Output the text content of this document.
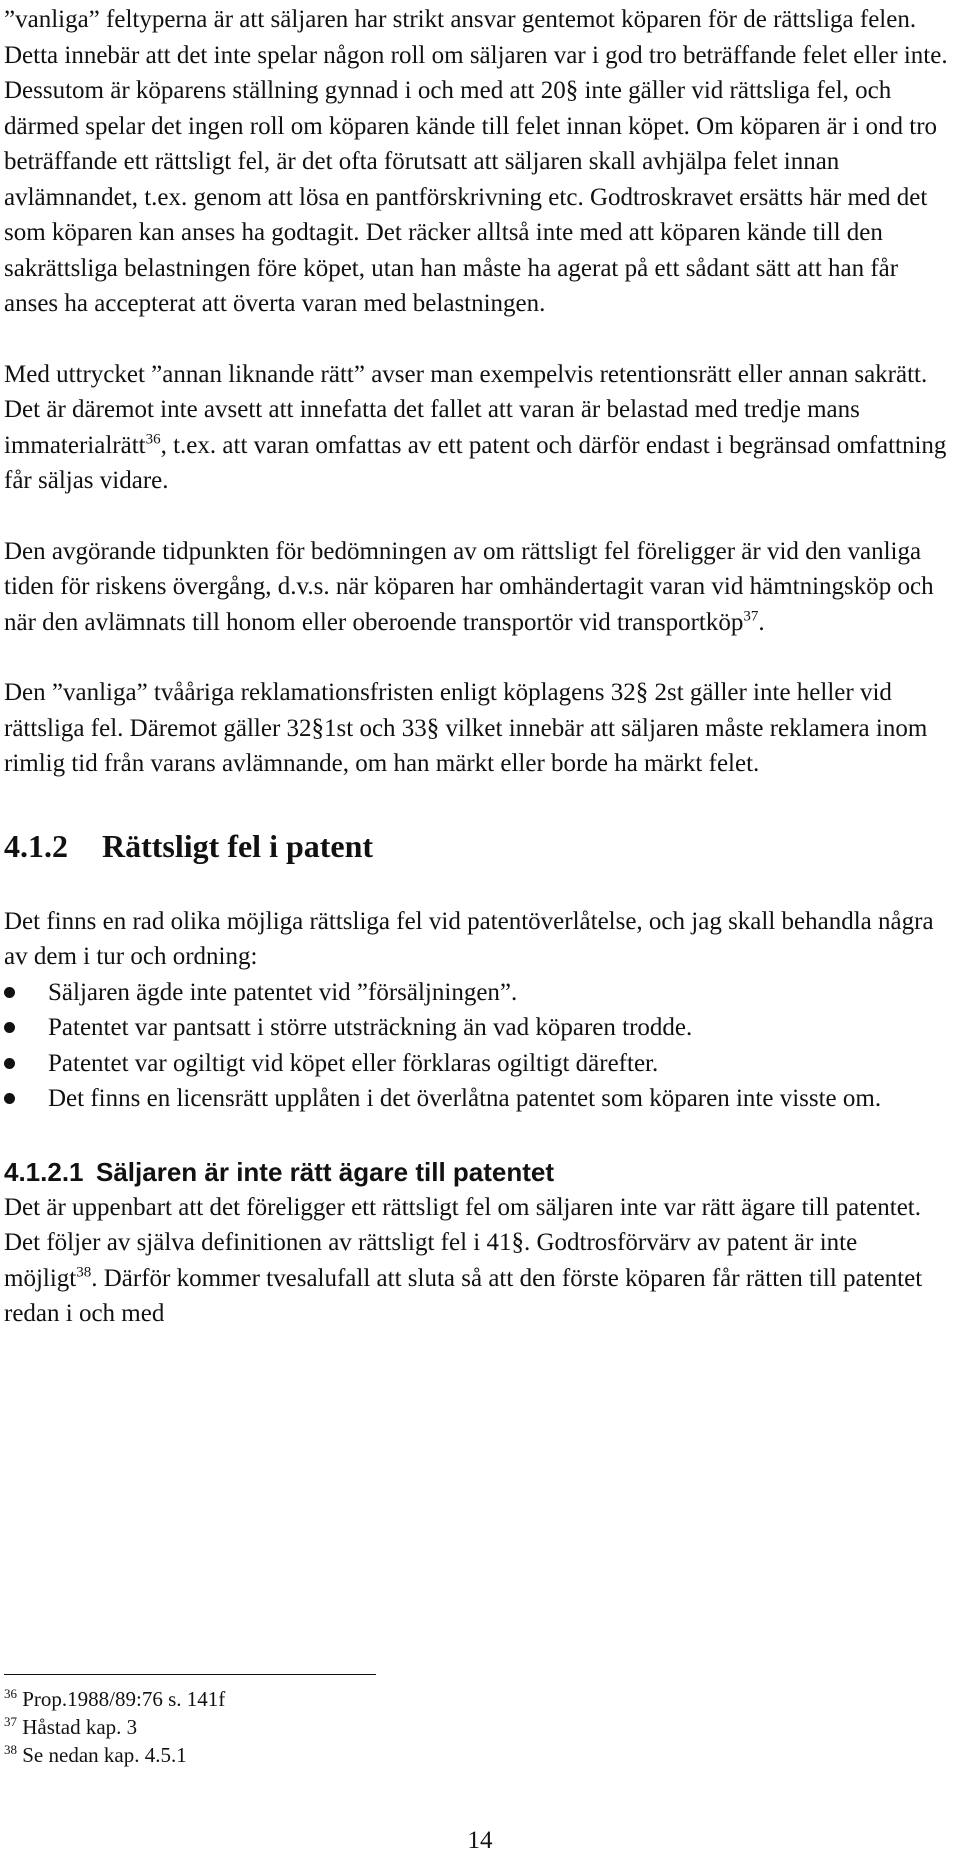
”vanliga” feltyperna är att säljaren har strikt ansvar gentemot köparen för de rättsliga felen. Detta innebär att det inte spelar någon roll om säljaren var i god tro beträffande felet eller inte. Dessutom är köparens ställning gynnad i och med att 20§ inte gäller vid rättsliga fel, och därmed spelar det ingen roll om köparen kände till felet innan köpet. Om köparen är i ond tro beträffande ett rättsligt fel, är det ofta förutsatt att säljaren skall avhjälpa felet innan avlämnandet, t.ex. genom att lösa en pantförskrivning etc. Godtroskravet ersätts här med det som köparen kan anses ha godtagit. Det räcker alltså inte med att köparen kände till den sakrättsliga belastningen före köpet, utan han måste ha agerat på ett sådant sätt att han får anses ha accepterat att överta varan med belastningen.

Med uttrycket ”annan liknande rätt” avser man exempelvis retentionsrätt eller annan sakrätt. Det är däremot inte avsett att innefatta det fallet att varan är belastad med tredje mans immaterialrätt$^{36}$, t.ex. att varan omfattas av ett patent och därför endast i begränsad omfattning får säljas vidare.

Den avgörande tidpunkten för bedömningen av om rättsligt fel föreligger är vid den vanliga tiden för riskens övergång, d.v.s. när köparen har omhändertagit varan vid hämtningsköp och när den avlämnats till honom eller oberoende transportör vid transportköp$^{37}$.

Den ”vanliga” tvååriga reklamationsfristen enligt köplagens 32§ 2st gäller inte heller vid rättsliga fel. Däremot gäller 32§1st och 33§ vilket innebär att säljaren måste reklamera inom rimlig tid från varans avlämnande, om han märkt eller borde ha märkt felet.

4.1.2 Rättsligt fel i patent

Det finns en rad olika möjliga rättsliga fel vid patentöverlåtelse, och jag skall behandla några av dem i tur och ordning:

Säljaren ägde inte patentet vid ”försäljningen”.
Patentet var pantsatt i större utsträckning än vad köparen trodde.
Patentet var ogiltigt vid köpet eller förklaras ogiltigt därefter.
Det finns en licensrätt upplåten i det överlåtna patentet som köparen inte visste om.
4.1.2.1 Säljaren är inte rätt ägare till patentet

Det är uppenbart att det föreligger ett rättsligt fel om säljaren inte var rätt ägare till patentet. Det följer av själva definitionen av rättsligt fel i 41§. Godtrosförvärv av patent är inte möjligt$^{38}$. Därför kommer tvesalufall att sluta så att den förste köparen får rätten till patentet redan i och med

$^{36}$ Prop.1988/89:76 s. 141f
$^{37}$ Håstad kap. 3
$^{38}$ Se nedan kap. 4.5.1
14
